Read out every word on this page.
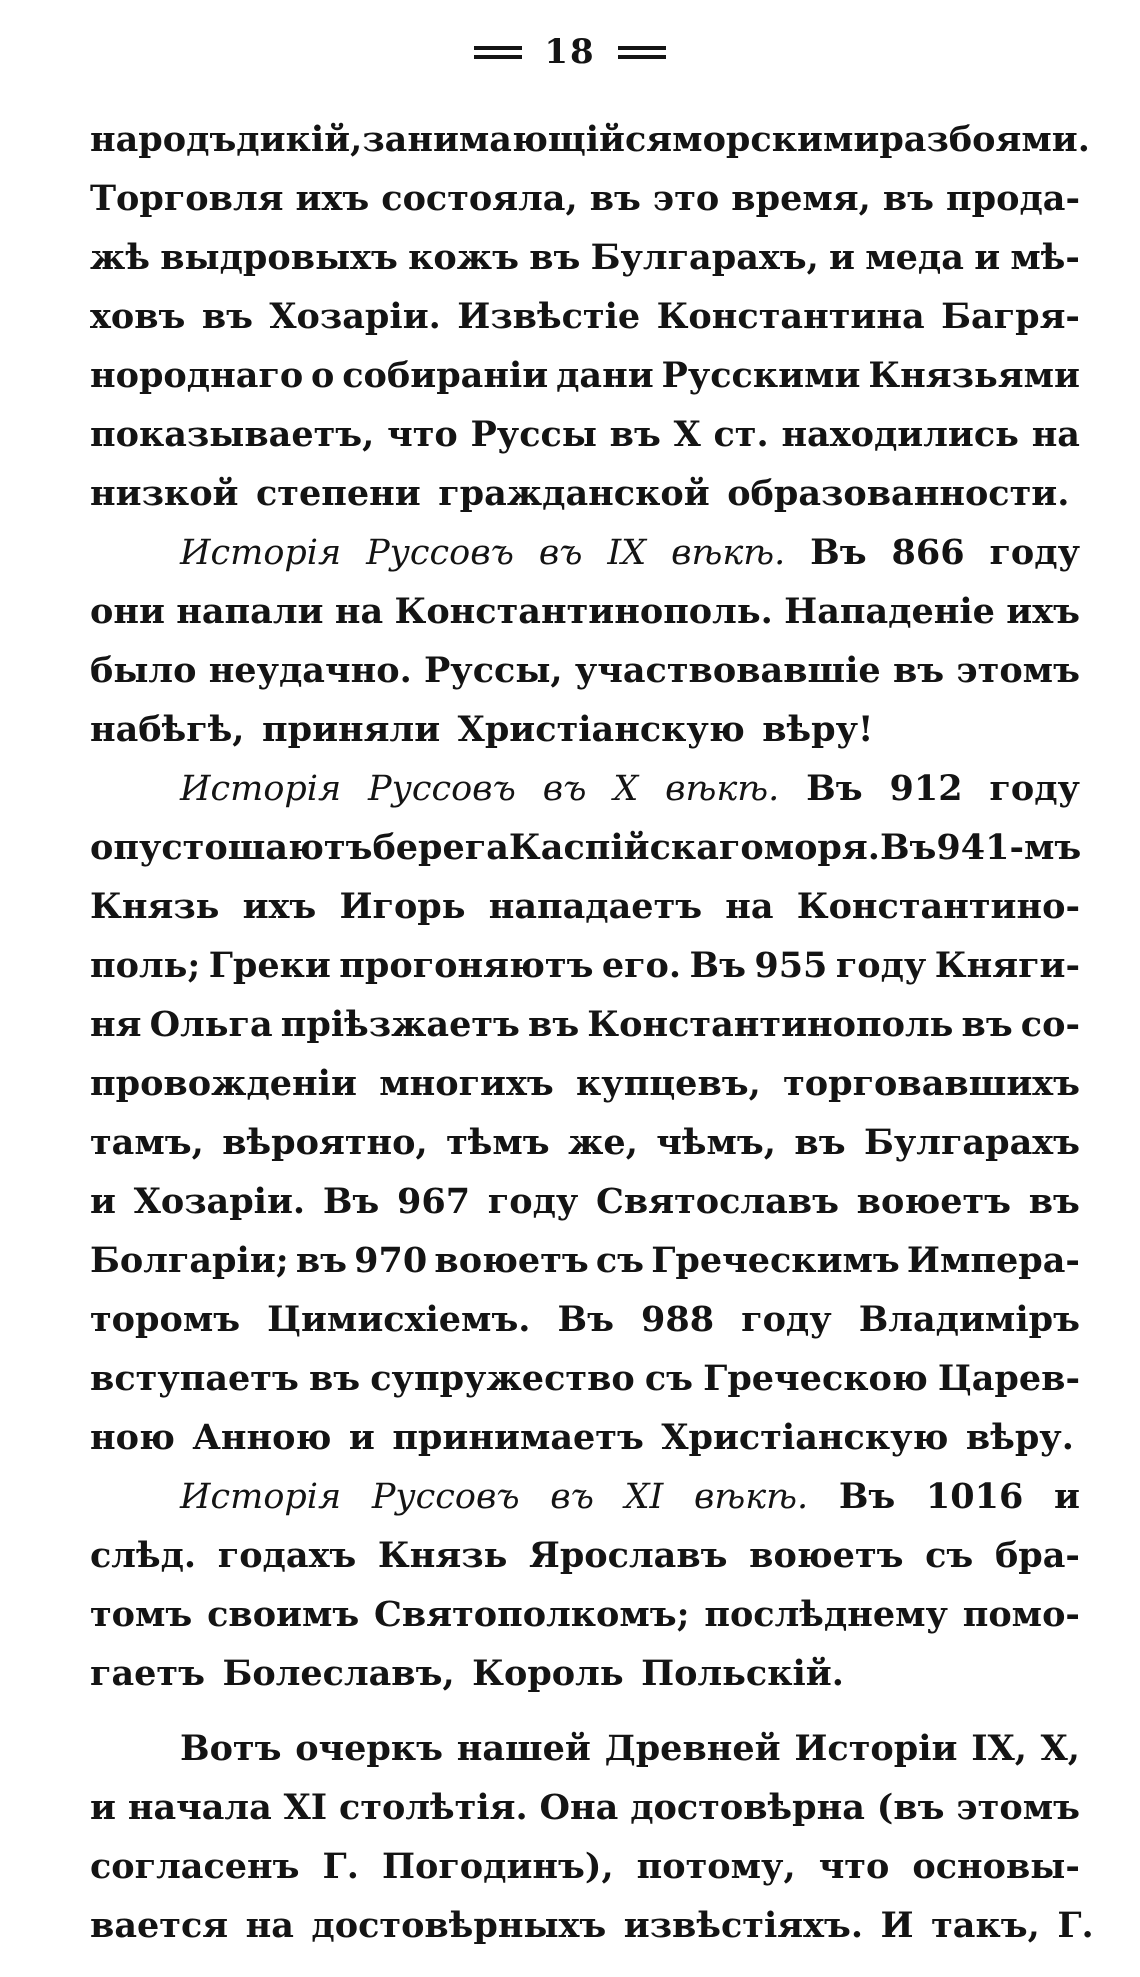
18
народъ дикій, занимающійся морскими разбоями.
Торговля ихъ состояла, въ это время, въ прода-
жѣ выдровыхъ кожъ въ Булгарахъ, и меда и мѣ-
ховъ въ Хозаріи. Извѣстіе Константина Багря-
нороднаго о собираніи дани Русскими Князьями
показываетъ, что Руссы въ X ст. находились на
низкой степени гражданской образованности.
Исторія Руссовъ въ IX вѣкѣ. Въ 866 году
они напали на Константинополь. Нападеніе ихъ
было неудачно. Руссы, участвовавшіе въ этомъ
набѣгѣ, приняли Христіанскую вѣру!
Исторія Руссовъ въ X вѣкѣ. Въ 912 году
опустошаютъ берега Каспійскаго моря. Въ 941-мъ
Князь ихъ Игорь нападаетъ на Константино-
поль; Греки прогоняютъ его. Въ 955 году Княги-
ня Ольга пріѣзжаетъ въ Константинополь въ со-
провожденіи многихъ купцевъ, торговавшихъ
тамъ, вѣроятно, тѣмъ же, чѣмъ, въ Булгарахъ
и Хозаріи. Въ 967 году Святославъ воюетъ въ
Болгаріи; въ 970 воюетъ съ Греческимъ Импера-
торомъ Цимисхіемъ. Въ 988 году Владиміръ
вступаетъ въ супружество съ Греческою Царев-
ною Анною и принимаетъ Христіанскую вѣру.
Исторія Руссовъ въ XI вѣкѣ. Въ 1016 и
слѣд. годахъ Князь Ярославъ воюетъ съ бра-
томъ своимъ Святополкомъ; послѣднему помо-
гаетъ Болеславъ, Король Польскій.
Вотъ очеркъ нашей Древней Исторіи IX, X,
и начала XI столѣтія. Она достовѣрна (въ этомъ
согласенъ Г. Погодинъ), потому, что основы-
вается на достовѣрныхъ извѣстіяхъ. И такъ, Г.
